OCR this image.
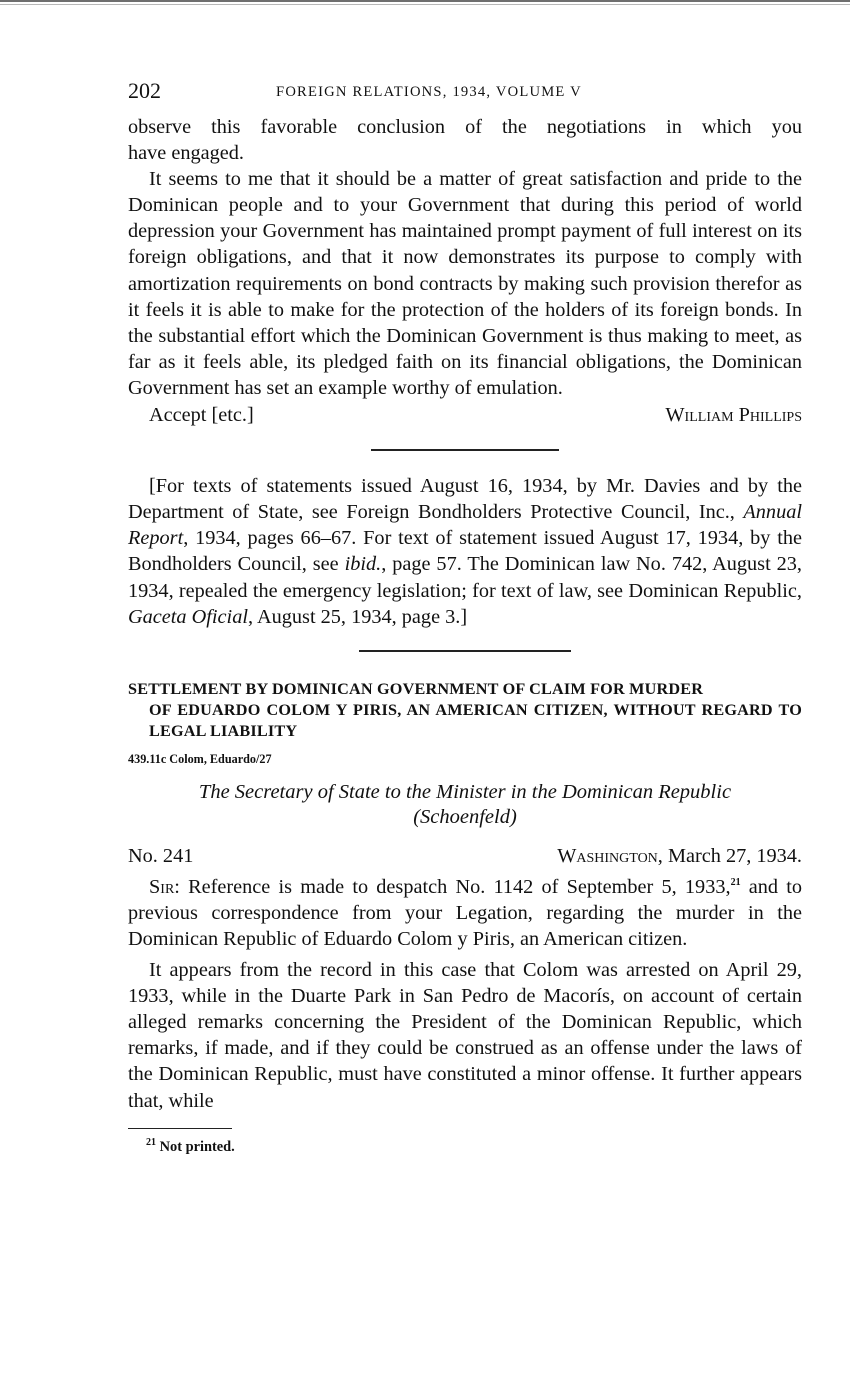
202	FOREIGN RELATIONS, 1934, VOLUME V

observe this favorable conclusion of the negotiations in which you

have engaged.

It seems to me that it should be a matter of great satisfaction and pride to the Dominican people and to your Government that during this period of world depression your Government has maintained prompt payment of full interest on its foreign obligations, and that it now demonstrates its purpose to comply with amortization requirements on bond contracts by making such provision therefor as it feels it is able to make for the protection of the holders of its foreign bonds. In the substantial effort which the Dominican Government is thus making to meet, as far as it feels able, its pledged faith on its financial obligations, the Dominican Government has set an example worthy of emulation.

Accept [etc.]	William Phillips

[For texts of statements issued August 16, 1934, by Mr. Davies and by the Department of State, see Foreign Bondholders Protective Council, Inc., Annual Report, 1934, pages 66–67. For text of statement issued August 17, 1934, by the Bondholders Council, see ibid., page 57. The Dominican law No. 742, August 23, 1934, repealed the emergency legislation; for text of law, see Dominican Republic, Gaceta Oficial, August 25, 1934, page 3.]

SETTLEMENT BY DOMINICAN GOVERNMENT OF CLAIM FOR MURDER
OF EDUARDO COLOM Y PIRIS, AN AMERICAN CITIZEN, WITHOUT REGARD TO LEGAL LIABILITY
439.11c Colom, Eduardo/27
The Secretary of State to the Minister in the Dominican Republic
(Schoenfeld)
No. 241	Washington, March 27, 1934.

Sir: Reference is made to despatch No. 1142 of September 5, 1933,21 and to previous correspondence from your Legation, regarding the murder in the Dominican Republic of Eduardo Colom y Piris, an American citizen.

It appears from the record in this case that Colom was arrested on April 29, 1933, while in the Duarte Park in San Pedro de Macorís, on account of certain alleged remarks concerning the President of the Dominican Republic, which remarks, if made, and if they could be construed as an offense under the laws of the Dominican Republic, must have constituted a minor offense. It further appears that, while

$^{21}$ Not printed.
